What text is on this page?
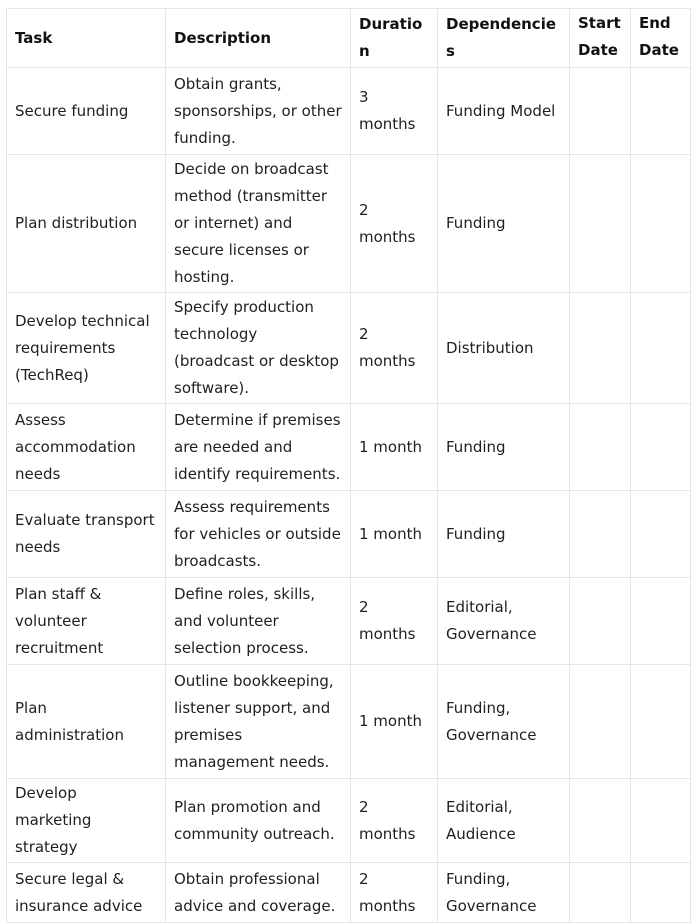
Task	Description	Duration	Dependencies	Start Date	End Date
Secure funding	Obtain grants, sponsorships, or other funding.	3 months	Funding Model		
Plan distribution	Decide on broadcast method (transmitter or internet) and secure licenses or hosting.	2 months	Funding		
Develop technical requirements (TechReq)	Specify production technology (broadcast or desktop software).	2 months	Distribution		
Assess accommodation needs	Determine if premises are needed and identify requirements.	1 month	Funding		
Evaluate transport needs	Assess requirements for vehicles or outside broadcasts.	1 month	Funding		
Plan staff & volunteer recruitment	Define roles, skills, and volunteer selection process.	2 months	Editorial, Governance		
Plan administration	Outline bookkeeping, listener support, and premises management needs.	1 month	Funding, Governance		
Develop marketing strategy	Plan promotion and community outreach.	2 months	Editorial, Audience		
Secure legal & insurance advice	Obtain professional advice and coverage.	2 months	Funding, Governance		
